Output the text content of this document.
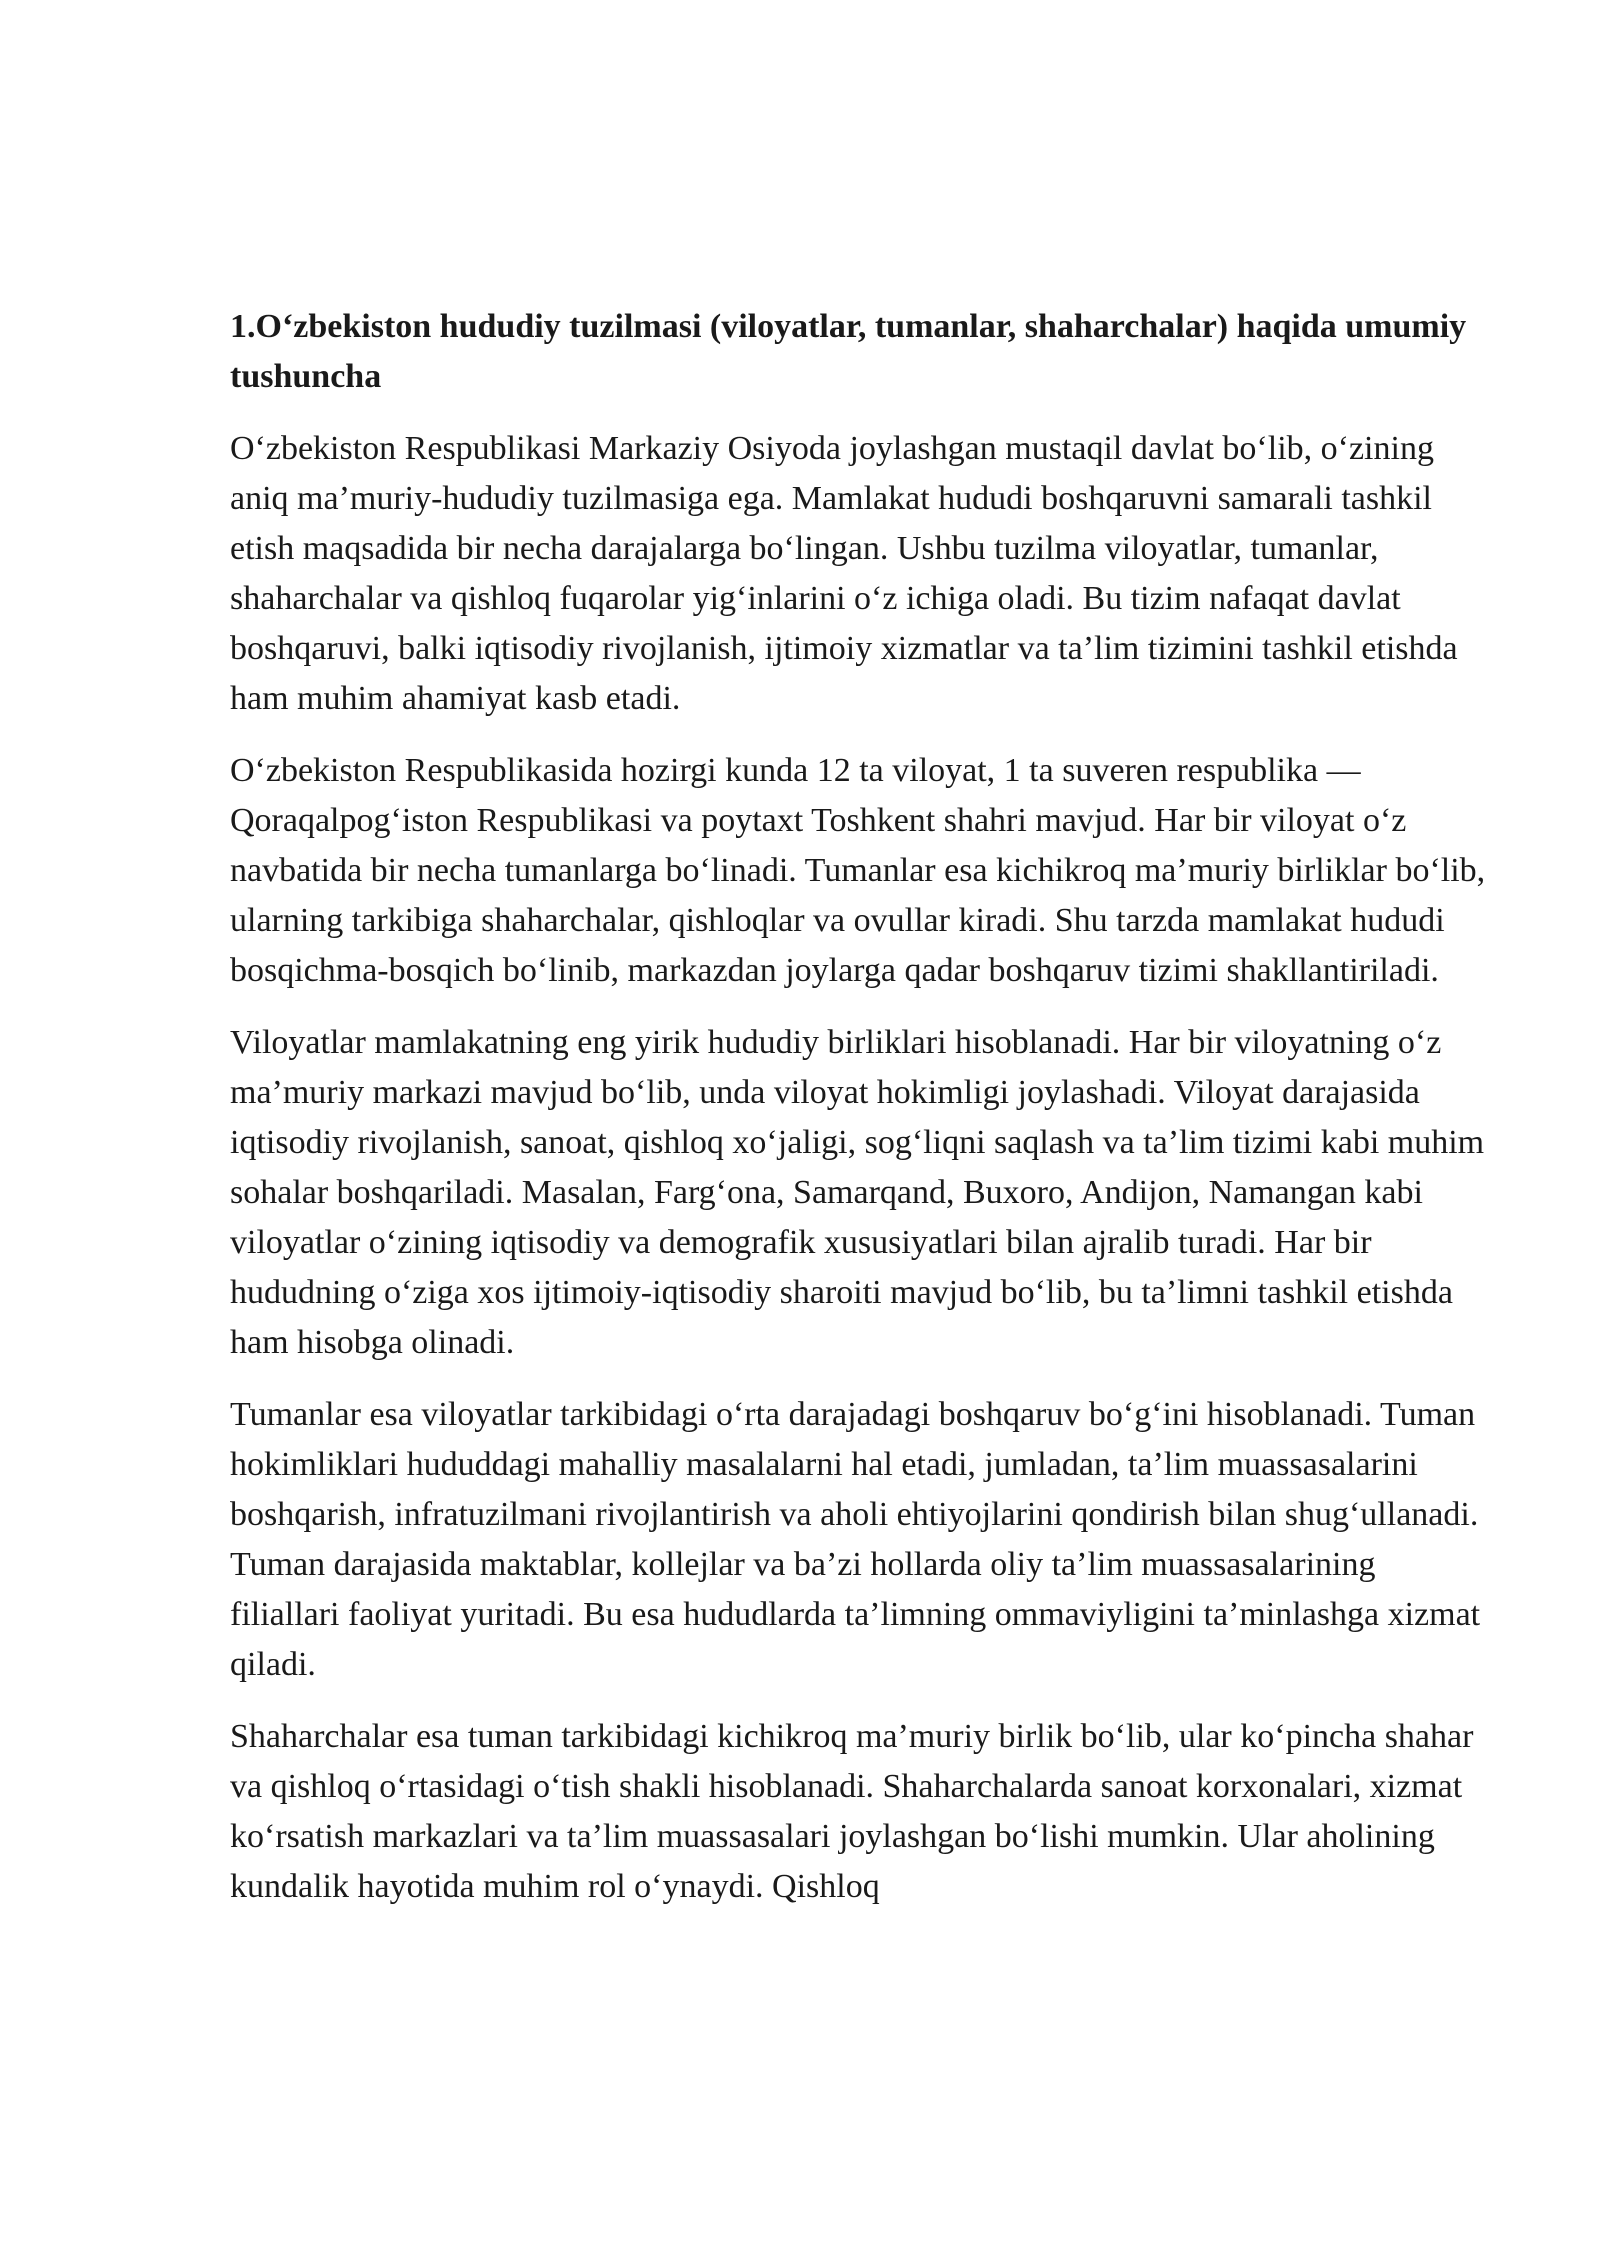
1.O‘zbekiston hududiy tuzilmasi (viloyatlar, tumanlar, shaharchalar) haqida umumiy tushuncha

O‘zbekiston Respublikasi Markaziy Osiyoda joylashgan mustaqil davlat bo‘lib, o‘zining aniq ma’muriy-hududiy tuzilmasiga ega. Mamlakat hududi boshqaruvni samarali tashkil etish maqsadida bir necha darajalarga bo‘lingan. Ushbu tuzilma viloyatlar, tumanlar, shaharchalar va qishloq fuqarolar yig‘inlarini o‘z ichiga oladi. Bu tizim nafaqat davlat boshqaruvi, balki iqtisodiy rivojlanish, ijtimoiy xizmatlar va ta’lim tizimini tashkil etishda ham muhim ahamiyat kasb etadi.

O‘zbekiston Respublikasida hozirgi kunda 12 ta viloyat, 1 ta suveren respublika — Qoraqalpog‘iston Respublikasi va poytaxt Toshkent shahri mavjud. Har bir viloyat o‘z navbatida bir necha tumanlarga bo‘linadi. Tumanlar esa kichikroq ma’muriy birliklar bo‘lib, ularning tarkibiga shaharchalar, qishloqlar va ovullar kiradi. Shu tarzda mamlakat hududi bosqichma-bosqich bo‘linib, markazdan joylarga qadar boshqaruv tizimi shakllantiriladi.

Viloyatlar mamlakatning eng yirik hududiy birliklari hisoblanadi. Har bir viloyatning o‘z ma’muriy markazi mavjud bo‘lib, unda viloyat hokimligi joylashadi. Viloyat darajasida iqtisodiy rivojlanish, sanoat, qishloq xo‘jaligi, sog‘liqni saqlash va ta’lim tizimi kabi muhim sohalar boshqariladi. Masalan, Farg‘ona, Samarqand, Buxoro, Andijon, Namangan kabi viloyatlar o‘zining iqtisodiy va demografik xususiyatlari bilan ajralib turadi. Har bir hududning o‘ziga xos ijtimoiy-iqtisodiy sharoiti mavjud bo‘lib, bu ta’limni tashkil etishda ham hisobga olinadi.

Tumanlar esa viloyatlar tarkibidagi o‘rta darajadagi boshqaruv bo‘g‘ini hisoblanadi. Tuman hokimliklari hududdagi mahalliy masalalarni hal etadi, jumladan, ta’lim muassasalarini boshqarish, infratuzilmani rivojlantirish va aholi ehtiyojlarini qondirish bilan shug‘ullanadi. Tuman darajasida maktablar, kollejlar va ba’zi hollarda oliy ta’lim muassasalarining filiallari faoliyat yuritadi. Bu esa hududlarda ta’limning ommaviyligini ta’minlashga xizmat qiladi.

Shaharchalar esa tuman tarkibidagi kichikroq ma’muriy birlik bo‘lib, ular ko‘pincha shahar va qishloq o‘rtasidagi o‘tish shakli hisoblanadi. Shaharchalarda sanoat korxonalari, xizmat ko‘rsatish markazlari va ta’lim muassasalari joylashgan bo‘lishi mumkin. Ular aholining kundalik hayotida muhim rol o‘ynaydi. Qishloq
